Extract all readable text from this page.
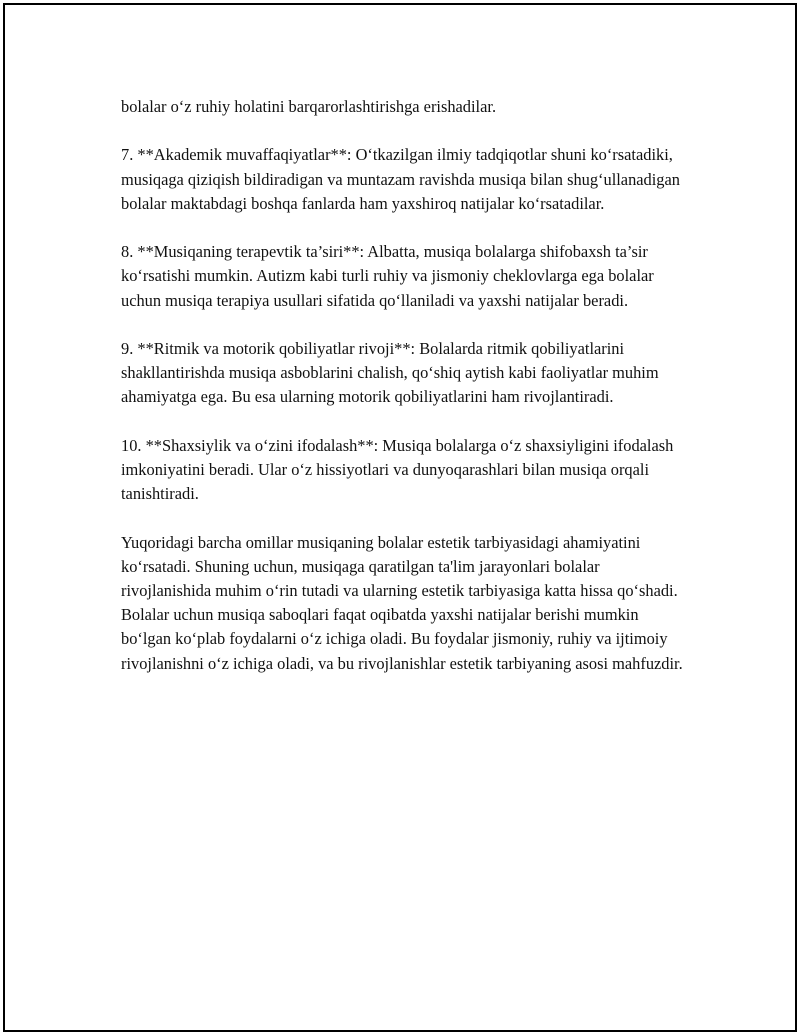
bolalar o‘z ruhiy holatini barqarorlashtirishga erishadilar.

7. **Akademik muvaffaqiyatlar**: O‘tkazilgan ilmiy tadqiqotlar shuni ko‘rsatadiki, musiqaga qiziqish bildiradigan va muntazam ravishda musiqa bilan shug‘ullanadigan bolalar maktabdagi boshqa fanlarda ham yaxshiroq natijalar ko‘rsatadilar.

8. **Musiqaning terapevtik ta’siri**: Albatta, musiqa bolalarga shifobaxsh ta’sir ko‘rsatishi mumkin. Autizm kabi turli ruhiy va jismoniy cheklovlarga ega bolalar uchun musiqa terapiya usullari sifatida qo‘llaniladi va yaxshi natijalar beradi.

9. **Ritmik va motorik qobiliyatlar rivoji**: Bolalarda ritmik qobiliyatlarini shakllantirishda musiqa asboblarini chalish, qo‘shiq aytish kabi faoliyatlar muhim ahamiyatga ega. Bu esa ularning motorik qobiliyatlarini ham rivojlantiradi.

10. **Shaxsiylik va o‘zini ifodalash**: Musiqa bolalarga o‘z shaxsiyligini ifodalash imkoniyatini beradi. Ular o‘z hissiyotlari va dunyoqarashlari bilan musiqa orqali tanishtiradi.

Yuqoridagi barcha omillar musiqaning bolalar estetik tarbiyasidagi ahamiyatini ko‘rsatadi. Shuning uchun, musiqaga qaratilgan ta'lim jarayonlari bolalar rivojlanishida muhim o‘rin tutadi va ularning estetik tarbiyasiga katta hissa qo‘shadi. Bolalar uchun musiqa saboqlari faqat oqibatda yaxshi natijalar berishi mumkin bo‘lgan ko‘plab foydalarni o‘z ichiga oladi. Bu foydalar jismoniy, ruhiy va ijtimoiy rivojlanishni o‘z ichiga oladi, va bu rivojlanishlar estetik tarbiyaning asosi mahfuzdir.
